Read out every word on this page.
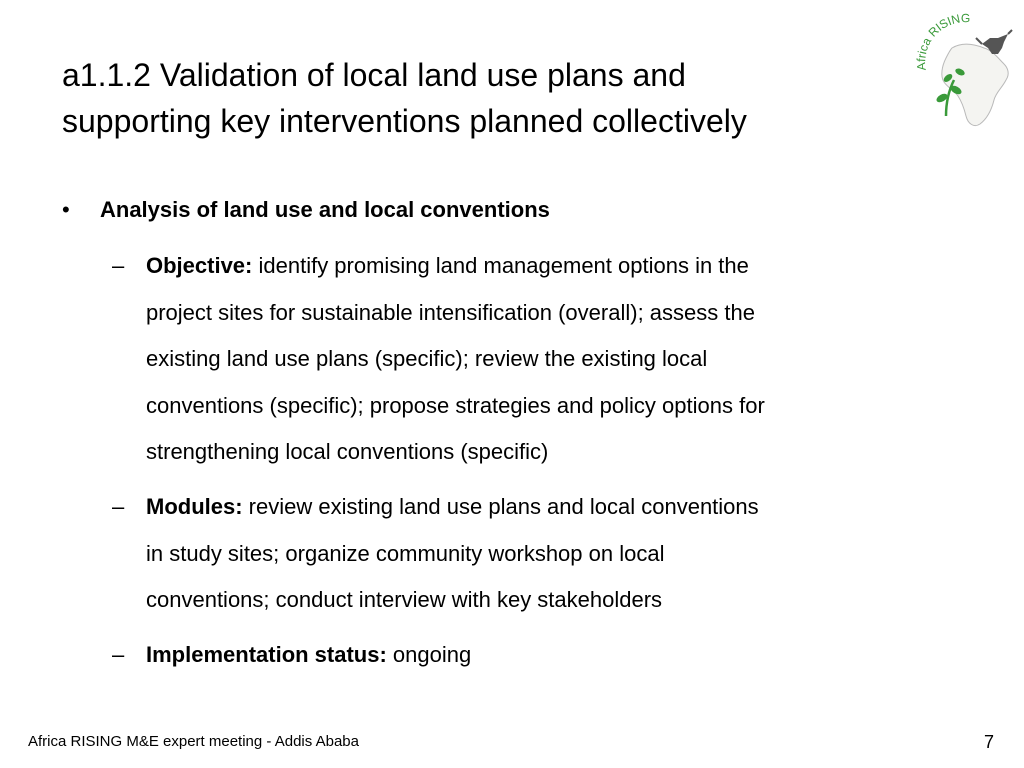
a1.1.2 Validation of local land use plans and
supporting key interventions planned collectively
Africa RISING
•	Analysis of land use and local conventions
– Objective: identify promising land management options in the
project sites for sustainable intensification (overall); assess the
existing land use plans (specific); review the existing local
conventions (specific); propose strategies and policy options for
strengthening local conventions (specific)
– Modules: review existing land use plans and local conventions
in study sites; organize community workshop on local
conventions; conduct interview with key stakeholders
– Implementation status: ongoing
Africa RISING M&E expert meeting - Addis Ababa	7
